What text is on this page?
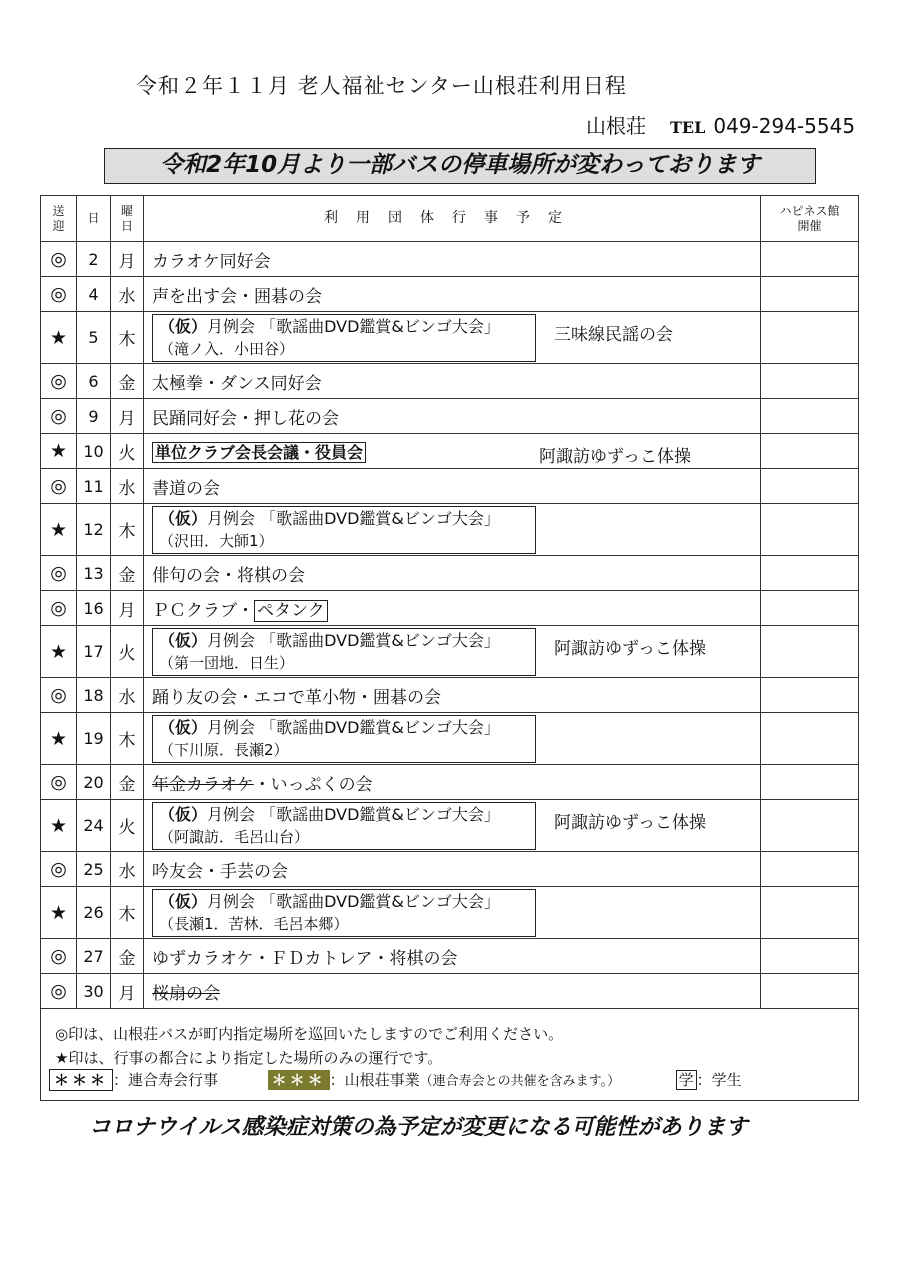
令和２年１１月 老人福祉センター山根荘利用日程
山根荘 TEL 049-294-5545
令和2年10月より一部バスの停車場所が変わっております
送迎	日	曜日	利用団体行事予定	ハピネス館開催
◎	2	月	カラオケ同好会	
◎	4	水	声を出す会・囲碁の会	
★	5	木	（仮）月例会 「歌謡曲DVD鑑賞&ビンゴ大会」
（滝ノ入．小田谷）
三味線民謡の会	

◎	6	金	太極拳・ダンス同好会	
◎	9	月	民踊同好会・押し花の会	
★	10	火	単位クラブ会長会議・役員会 阿諏訪ゆずっこ体操	

◎	11	水	書道の会	
★	12	木	（仮）月例会 「歌謡曲DVD鑑賞&ビンゴ大会」
（沢田．大師1）	

◎	13	金	俳句の会・将棋の会	
◎	16	月	ＰＣクラブ・ ペタンク	
★	17	火	（仮）月例会 「歌謡曲DVD鑑賞&ビンゴ大会」
（第一団地．日生）
阿諏訪ゆずっこ体操	

◎	18	水	踊り友の会・エコで革小物・囲碁の会	
★	19	木	（仮）月例会 「歌謡曲DVD鑑賞&ビンゴ大会」
（下川原．長瀬2）	

◎	20	金	年金カラオケ・いっぷくの会	
★	24	火	（仮）月例会 「歌謡曲DVD鑑賞&ビンゴ大会」
（阿諏訪．毛呂山台）
阿諏訪ゆずっこ体操	

◎	25	水	吟友会・手芸の会	
★	26	木	（仮）月例会 「歌謡曲DVD鑑賞&ビンゴ大会」
（長瀬1．苦林．毛呂本郷）	

◎	27	金	ゆずカラオケ・ＦＤカトレア・将棋の会	
◎	30	月	桜扇の会	

◎印は、山根荘バスが町内指定場所を巡回いたしますのでご利用ください。
★印は、行事の都合により指定した場所のみの運行です。
＊＊＊ ：連合寿会行事 ＊＊＊ ：山根荘事業（連合寿会との共催を含みます。） 学 ：学生				
コロナウイルス感染症対策の為予定が変更になる可能性があります
